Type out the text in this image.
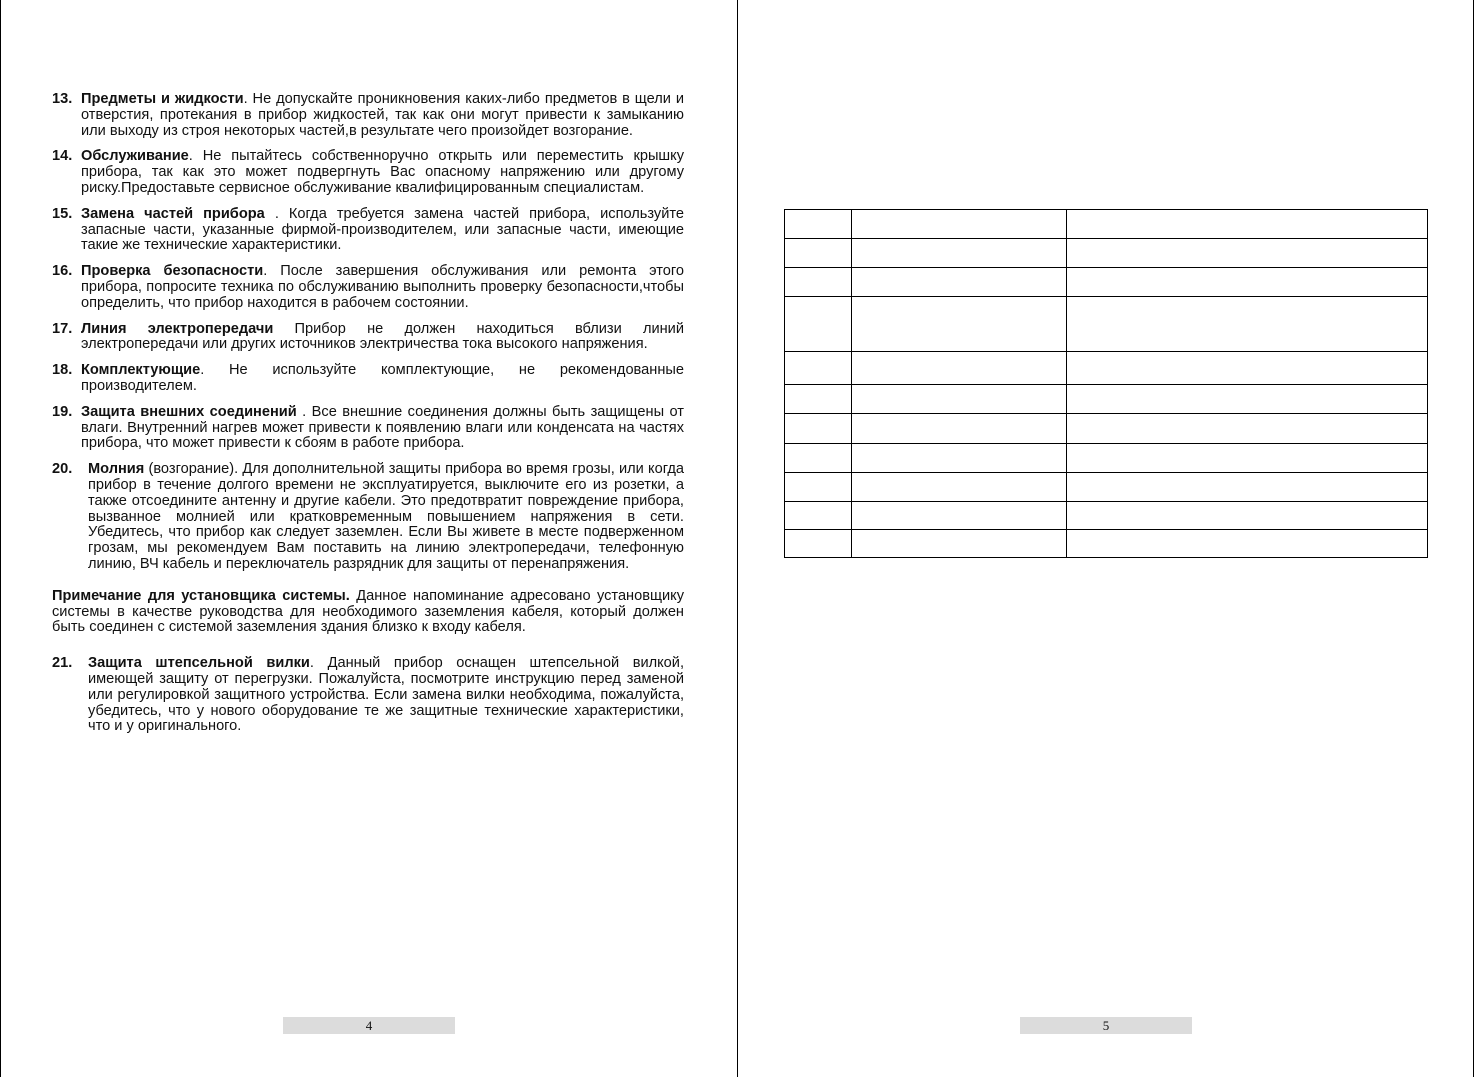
13. Предметы и жидкости. Не допускайте проникновения каких-либо предметов в щели и отверстия, протекания в прибор жидкостей, так как они могут привести к замыканию или выходу из строя некоторых частей,в результате чего произойдет возгорание.
14. Обслуживание. Не пытайтесь собственноручно открыть или переместить крышку прибора, так как это может подвергнуть Вас опасному напряжению или другому риску.Предоставьте сервисное обслуживание квалифицированным специалистам.
15. Замена частей прибора . Когда требуется замена частей прибора, используйте запасные части, указанные фирмой-производителем, или запасные части, имеющие такие же технические характеристики.
16. Проверка безопасности. После завершения обслуживания или ремонта этого прибора, попросите техника по обслуживанию выполнить проверку безопасности,чтобы определить, что прибор находится в рабочем состоянии.
17. Линия электропередачи Прибор не должен находиться вблизи линий электропередачи или других источников электричества тока высокого напряжения.
18. Комплектующие. Не используйте комплектующие, не рекомендованные производителем.
19. Защита внешних соединений . Все внешние соединения должны быть защищены от влаги. Внутренний нагрев может привести к появлению влаги или конденсата на частях прибора, что может привести к сбоям в работе прибора.
20. Молния (возгорание). Для дополнительной защиты прибора во время грозы, или когда прибор в течение долгого времени не эксплуатируется, выключите его из розетки, а также отсоедините антенну и другие кабели. Это предотвратит повреждение прибора, вызванное молнией или кратковременным повышением напряжения в сети. Убедитесь, что прибор как следует заземлен. Если Вы живете в месте подверженном грозам, мы рекомендуем Вам поставить на линию электропередачи, телефонную линию, ВЧ кабель и переключатель разрядник для защиты от перенапряжения.
Примечание для установщика системы. Данное напоминание адресовано установщику системы в качестве руководства для необходимого заземления кабеля, который должен быть соединен с системой заземления здания близко к входу кабеля.
21. Защита штепсельной вилки. Данный прибор оснащен штепсельной вилкой, имеющей защиту от перегрузки. Пожалуйста, посмотрите инструкцию перед заменой или регулировкой защитного устройства. Если замена вилки необходима, пожалуйста, убедитесь, что у нового оборудование те же защитные технические характеристики, что и у оригинального.
4

			5
